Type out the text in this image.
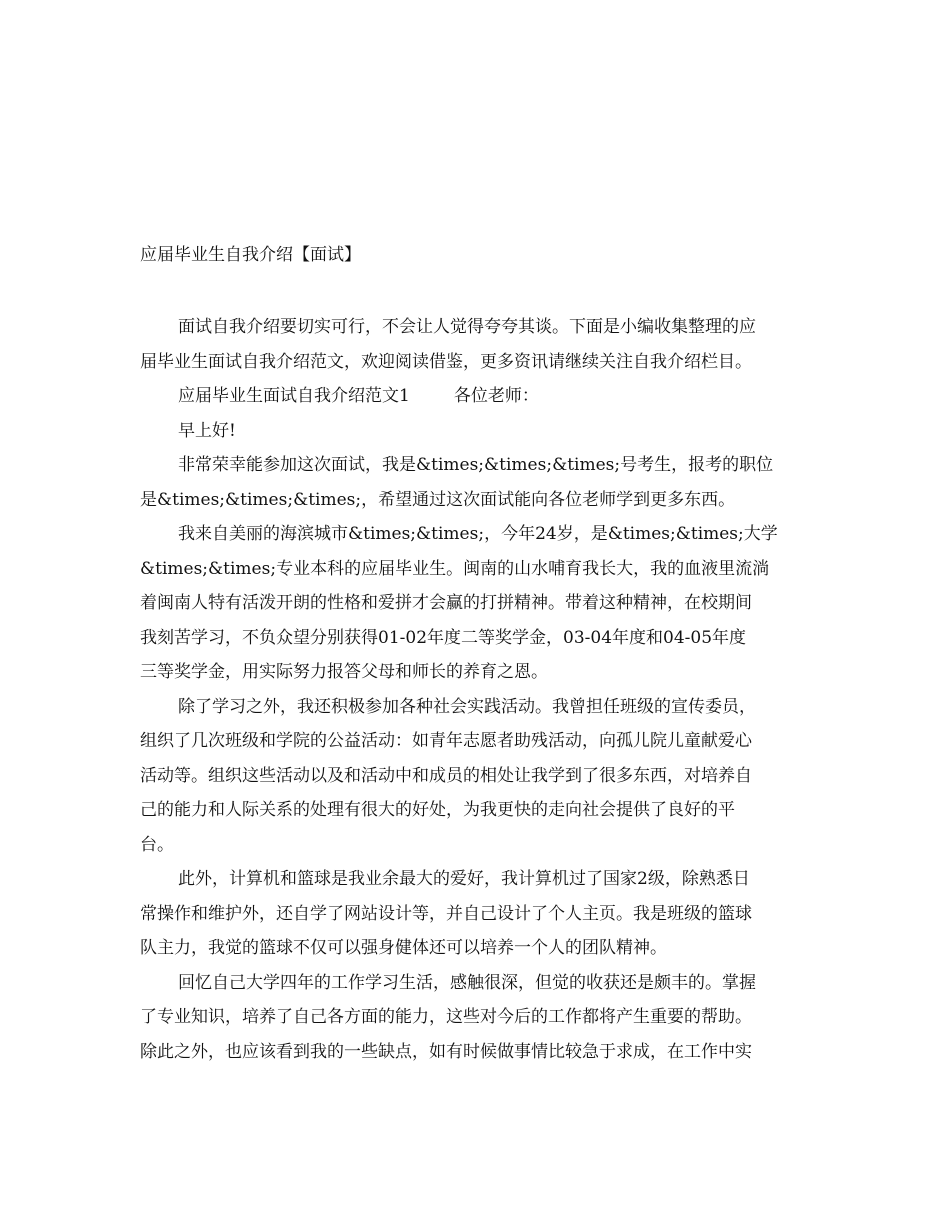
应届毕业生自我介绍【面试】
面试自我介绍要切实可行，不会让人觉得夸夸其谈。下面是小编收集整理的应
届毕业生面试自我介绍范文，欢迎阅读借鉴，更多资讯请继续关注自我介绍栏目。
应届毕业生面试自我介绍范文1	各位老师：
早上好!
非常荣幸能参加这次面试，我是&times;&times;&times;号考生，报考的职位
是&times;&times;&times;，希望通过这次面试能向各位老师学到更多东西。
我来自美丽的海滨城市&times;&times;，今年24岁，是&times;&times;大学
&times;&times;专业本科的应届毕业生。闽南的山水哺育我长大，我的血液里流淌
着闽南人特有活泼开朗的性格和爱拼才会赢的打拼精神。带着这种精神，在校期间
我刻苦学习，不负众望分别获得01-02年度二等奖学金，03-04年度和04-05年度
三等奖学金，用实际努力报答父母和师长的养育之恩。
除了学习之外，我还积极参加各种社会实践活动。我曾担任班级的宣传委员，
组织了几次班级和学院的公益活动：如青年志愿者助残活动，向孤儿院儿童献爱心
活动等。组织这些活动以及和活动中和成员的相处让我学到了很多东西，对培养自
己的能力和人际关系的处理有很大的好处，为我更快的走向社会提供了良好的平
台。
此外，计算机和篮球是我业余最大的爱好，我计算机过了国家2级，除熟悉日
常操作和维护外，还自学了网站设计等，并自己设计了个人主页。我是班级的篮球
队主力，我觉的篮球不仅可以强身健体还可以培养一个人的团队精神。
回忆自己大学四年的工作学习生活，感触很深，但觉的收获还是颇丰的。掌握
了专业知识，培养了自己各方面的能力，这些对今后的工作都将产生重要的帮助。
除此之外，也应该看到我的一些缺点，如有时候做事情比较急于求成，在工作中实
